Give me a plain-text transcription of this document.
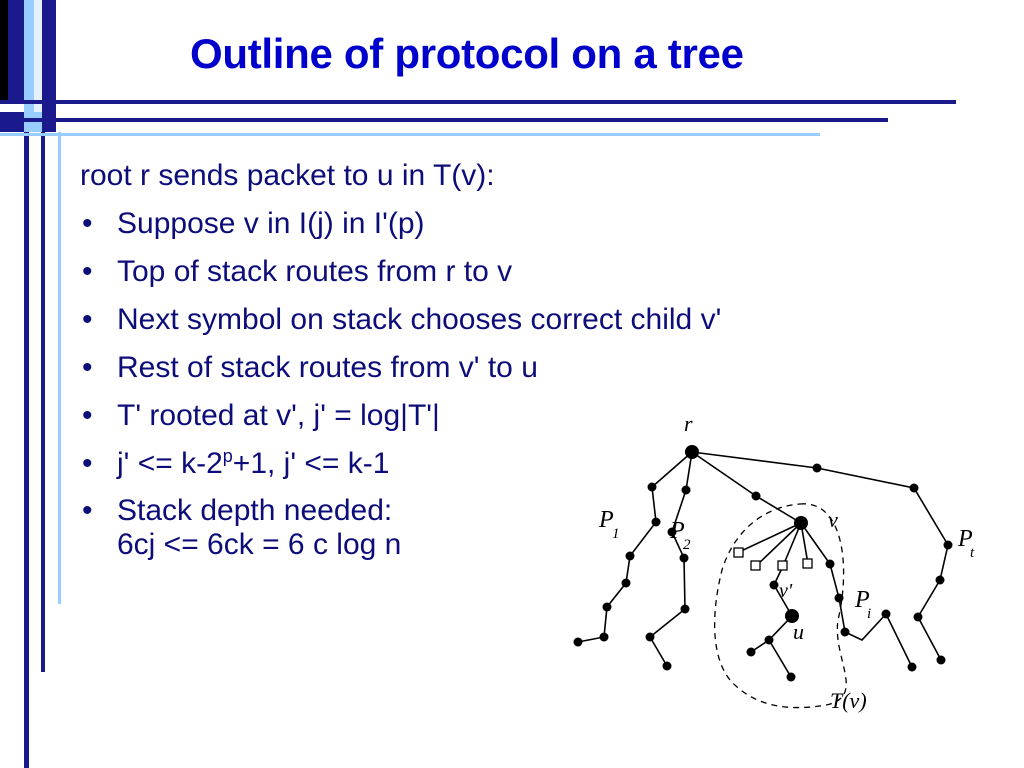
Outline of protocol on a tree

root r sends packet to u in T(v):

• Suppose v in I(j) in I'(p)

• Top of stack routes from r to v

• Next symbol on stack chooses correct child v'

• Rest of stack routes from v' to u

• T' rooted at v', j' = log|T'|

• $j' <= k-2^p+1$, j' <= k-1

• Stack depth needed:
6cj <= 6ck = 6 c log n

r
v
v'
u
P
1 P
2
P
i
P
t
T(v)
